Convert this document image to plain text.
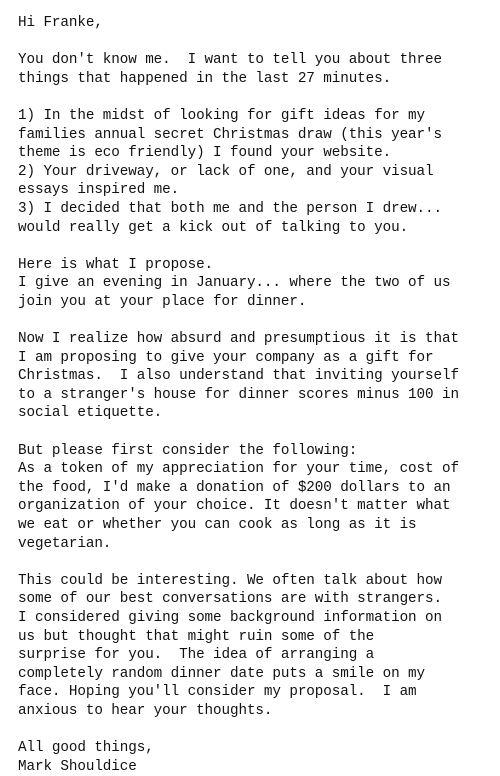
Hi Franke,

You don't know me.  I want to tell you about three
things that happened in the last 27 minutes.

1) In the midst of looking for gift ideas for my
families annual secret Christmas draw (this year's
theme is eco friendly) I found your website.
2) Your driveway, or lack of one, and your visual
essays inspired me.
3) I decided that both me and the person I drew...
would really get a kick out of talking to you.

Here is what I propose.
I give an evening in January... where the two of us
join you at your place for dinner.

Now I realize how absurd and presumptious it is that
I am proposing to give your company as a gift for
Christmas.  I also understand that inviting yourself
to a stranger's house for dinner scores minus 100 in
social etiquette.

But please first consider the following:
As a token of my appreciation for your time, cost of
the food, I'd make a donation of $200 dollars to an
organization of your choice. It doesn't matter what
we eat or whether you can cook as long as it is
vegetarian.

This could be interesting. We often talk about how
some of our best conversations are with strangers.
I considered giving some background information on
us but thought that might ruin some of the
surprise for you.  The idea of arranging a
completely random dinner date puts a smile on my
face. Hoping you'll consider my proposal.  I am
anxious to hear your thoughts.

All good things,
Mark Shouldice
